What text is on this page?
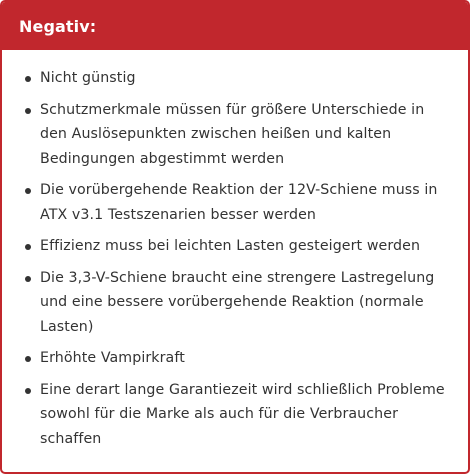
Negativ:
Nicht günstig
Schutzmerkmale müssen für größere Unterschiede in den Auslösepunkten zwischen heißen und kalten Bedingungen abgestimmt werden
Die vorübergehende Reaktion der 12V-Schiene muss in ATX v3.1 Testszenarien besser werden
Effizienz muss bei leichten Lasten gesteigert werden
Die 3,3-V-Schiene braucht eine strengere Lastregelung und eine bessere vorübergehende Reaktion (normale Lasten)
Erhöhte Vampirkraft
Eine derart lange Garantiezeit wird schließlich Probleme sowohl für die Marke als auch für die Verbraucher schaffen
